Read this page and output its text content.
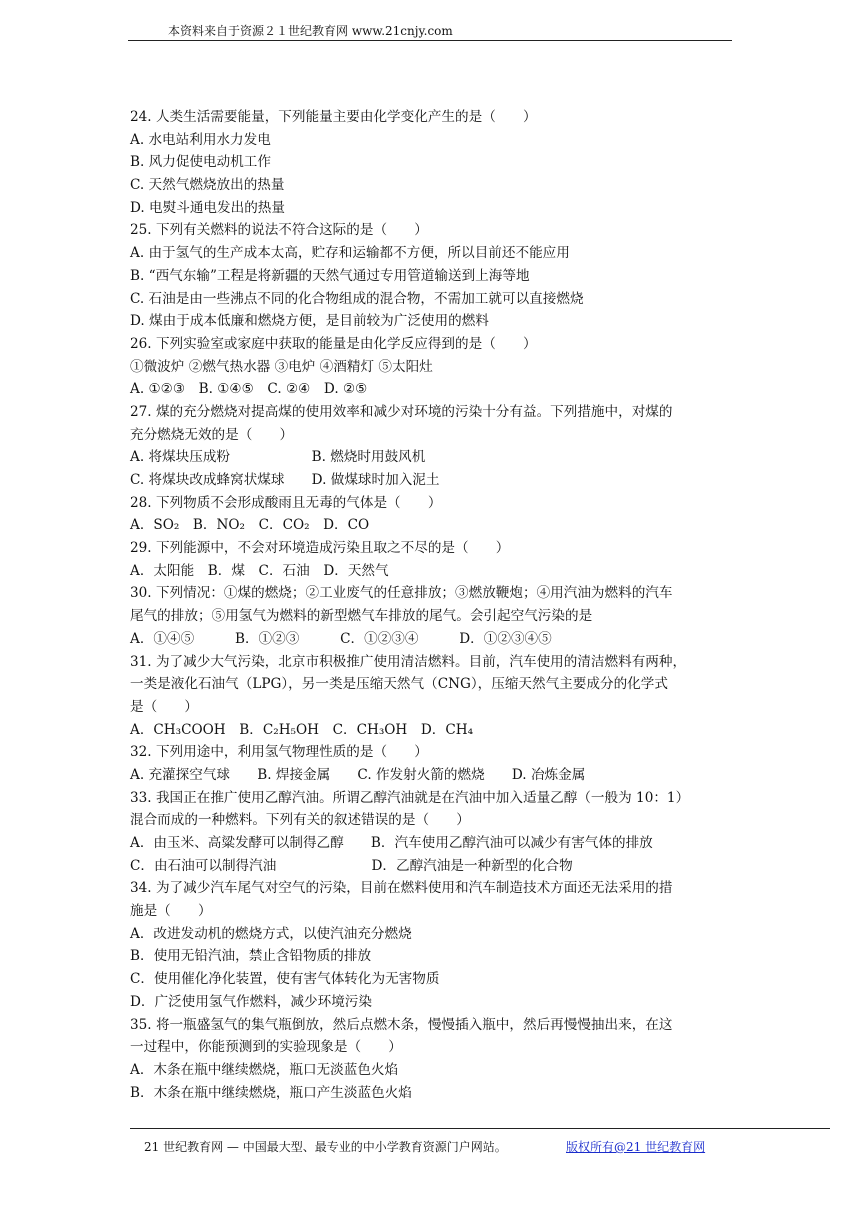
本资料来自于资源２１世纪教育网 www.21cnjy.com
24. 人类生活需要能量，下列能量主要由化学变化产生的是（　　）
A. 水电站利用水力发电
B. 风力促使电动机工作
C. 天然气燃烧放出的热量
D. 电熨斗通电发出的热量
25. 下列有关燃料的说法不符合这际的是（　　）
A. 由于氢气的生产成本太高，贮存和运输都不方便，所以目前还不能应用
B. “西气东输”工程是将新疆的天然气通过专用管道输送到上海等地
C. 石油是由一些沸点不同的化合物组成的混合物，不需加工就可以直接燃烧
D. 煤由于成本低廉和燃烧方便，是目前较为广泛使用的燃料
26. 下列实验室或家庭中获取的能量是由化学反应得到的是（　　）
①微波炉 ②燃气热水器 ③电炉 ④酒精灯 ⑤太阳灶
A. ①②③　B. ①④⑤　C. ②④　D. ②⑤
27. 煤的充分燃烧对提高煤的使用效率和减少对环境的污染十分有益。下列措施中，对煤的
充分燃烧无效的是（　　）
A. 将煤块压成粉　　　　　　B. 燃烧时用鼓风机
C. 将煤块改成蜂窝状煤球　　D. 做煤球时加入泥土
28. 下列物质不会形成酸雨且无毒的气体是（　　）
A．SO₂　B．NO₂　C．CO₂　D．CO
29. 下列能源中，不会对环境造成污染且取之不尽的是（　　）
A．太阳能　B．煤　C．石油　D．天然气
30. 下列情况：①煤的燃烧；②工业废气的任意排放；③燃放鞭炮；④用汽油为燃料的汽车
尾气的排放；⑤用氢气为燃料的新型燃气车排放的尾气。会引起空气污染的是
A．①④⑤　　　B．①②③　　　C．①②③④　　　D．①②③④⑤
31. 为了减少大气污染，北京市积极推广使用清洁燃料。目前，汽车使用的清洁燃料有两种，
一类是液化石油气（LPG），另一类是压缩天然气（CNG），压缩天然气主要成分的化学式
是（　　）
A．CH₃COOH　B．C₂H₅OH　C．CH₃OH　D．CH₄
32. 下列用途中，利用氢气物理性质的是（　　）
A. 充灌探空气球　　B. 焊接金属　　C. 作发射火箭的燃烧　　D. 冶炼金属
33. 我国正在推广使用乙醇汽油。所谓乙醇汽油就是在汽油中加入适量乙醇（一般为 10：1）
混合而成的一种燃料。下列有关的叙述错误的是（　　）
A．由玉米、高粱发酵可以制得乙醇　　B．汽车使用乙醇汽油可以减少有害气体的排放
C．由石油可以制得汽油　　　　　　　D．乙醇汽油是一种新型的化合物
34. 为了减少汽车尾气对空气的污染，目前在燃料使用和汽车制造技术方面还无法采用的措
施是（　　）
A．改进发动机的燃烧方式，以使汽油充分燃烧
B．使用无铅汽油，禁止含铅物质的排放
C．使用催化净化装置，使有害气体转化为无害物质
D．广泛使用氢气作燃料，减少环境污染
35. 将一瓶盛氢气的集气瓶倒放，然后点燃木条，慢慢插入瓶中，然后再慢慢抽出来，在这
一过程中，你能预测到的实验现象是（　　）
A．木条在瓶中继续燃烧，瓶口无淡蓝色火焰
B．木条在瓶中继续燃烧，瓶口产生淡蓝色火焰
21 世纪教育网 — 中国最大型、最专业的中小学教育资源门户网站。	版权所有@21 世纪教育网
